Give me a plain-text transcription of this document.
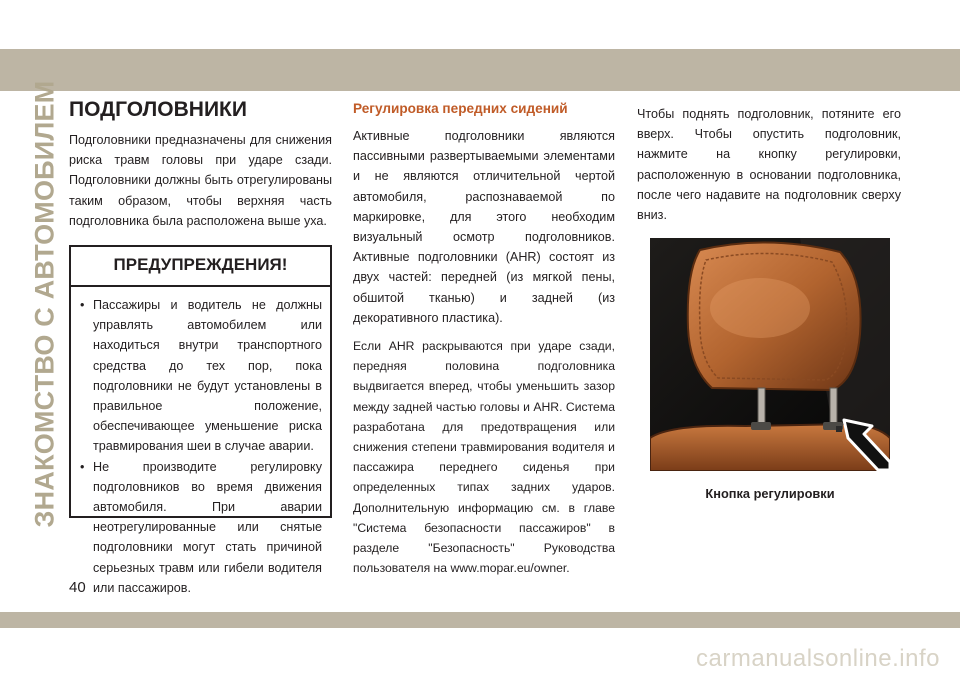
ЗНАКОМСТВО С АВТОМОБИЛЕМ ПОДГОЛОВНИКИ

Подголовники предназначены для снижения риска травм головы при ударе сзади. Подголовники должны быть отрегулированы таким образом, чтобы верхняя часть подголовника была расположена выше уха.

ПРЕДУПРЕЖДЕНИЯ!
• Пассажиры и водитель не должны управлять автомобилем или находиться внутри транспортного средства до тех пор, пока подголовники не будут установлены в правильное положение, обеспечивающее уменьшение риска травмирования шеи в случае аварии.
• Не производите регулировку подголовников во время движения автомобиля. При аварии неотрегулированные или снятые подголовники могут стать причиной серьезных травм или гибели водителя или пассажиров.
Регулировка передних сидений

Активные подголовники являются пассивными развертываемыми элементами и не являются отличительной чертой автомобиля, распознаваемой по маркировке, для этого необходим визуальный осмотр подголовников. Активные подголовники (AHR) состоят из двух частей: передней (из мягкой пены, обшитой тканью) и задней (из декоративного пластика).

Если AHR раскрываются при ударе сзади, передняя половина подголовника выдвигается вперед, чтобы уменьшить зазор между задней частью головы и AHR. Система разработана для предотвращения или снижения степени травмирования водителя и пассажира переднего сиденья при определенных типах задних ударов. Дополнительную информацию см. в главе "Система безопасности пассажиров" в разделе "Безопасность" Руководства пользователя на www.mopar.eu/owner.

Чтобы поднять подголовник, потяните его вверх. Чтобы опустить подголовник, нажмите на кнопку регулировки, расположенную в основании подголовника, после чего надавите на подголовник сверху вниз.

Кнопка регулировки
40
carmanualsonline.info
